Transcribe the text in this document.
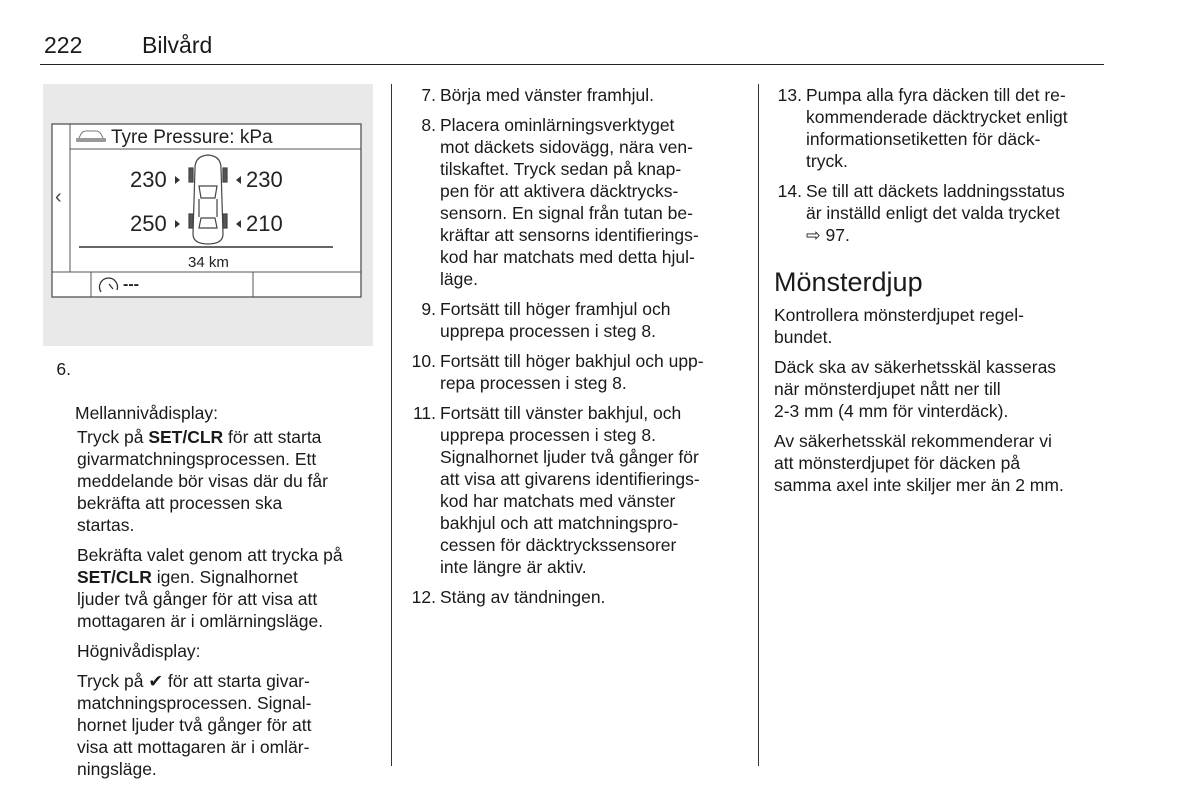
222	Bilvård
Tyre Pressure: kPa
‹
230
250
230
210
34 km
---

6.

Mellannivådisplay:

Tryck på SET/CLR för att starta
givarmatchningsprocessen. Ett
meddelande bör visas där du får
bekräfta att processen ska
startas.
Bekräfta valet genom att trycka på
SET/CLR igen. Signalhornet
ljuder två gånger för att visa att
mottagaren är i omlärningsläge.
Högnivådisplay:
Tryck på ✔ för att starta givar-
matchningsprocessen. Signal-
hornet ljuder två gånger för att
visa att mottagaren är i omlär-
ningsläge.
7. Börja med vänster framhjul.
8. Placera ominlärningsverktyget
mot däckets sidovägg, nära ven-
tilskaftet. Tryck sedan på knap-
pen för att aktivera däcktrycks-
sensorn. En signal från tutan be-
kräftar att sensorns identifierings-
kod har matchats med detta hjul-
läge.
9. Fortsätt till höger framhjul och
upprepa processen i steg 8.
10. Fortsätt till höger bakhjul och upp-
repa processen i steg 8.
11. Fortsätt till vänster bakhjul, och
upprepa processen i steg 8.
Signalhornet ljuder två gånger för
att visa att givarens identifierings-
kod har matchats med vänster
bakhjul och att matchningspro-
cessen för däcktryckssensorer
inte längre är aktiv.
12. Stäng av tändningen.
13. Pumpa alla fyra däcken till det re-
kommenderade däcktrycket enligt
informationsetiketten för däck-
tryck.
14. Se till att däckets laddningsstatus
är inställd enligt det valda trycket
⇨ 97.
Mönsterdjup
Kontrollera mönsterdjupet regel-
bundet.
Däck ska av säkerhetsskäl kasseras
när mönsterdjupet nått ner till
2-3 mm (4 mm för vinterdäck).
Av säkerhetsskäl rekommenderar vi
att mönsterdjupet för däcken på
samma axel inte skiljer mer än 2 mm.
